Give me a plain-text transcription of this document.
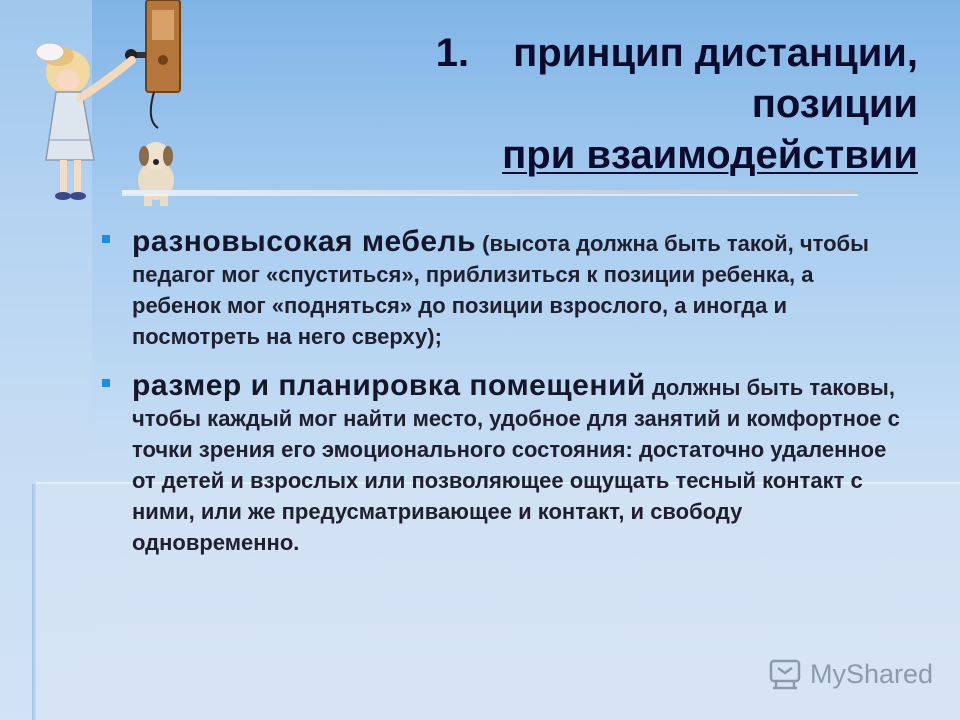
1. принцип дистанции,
позиции
при взаимодействии
разновысокая мебель (высота должна быть такой, чтобы педагог мог «спуститься», приблизиться к позиции ребенка, а ребенок мог «подняться» до позиции взрослого, а иногда и посмотреть на него сверху);
размер и планировка помещений должны быть таковы, чтобы каждый мог найти место, удобное для занятий и комфортное с точки зрения его эмоционального состояния: достаточно удаленное от детей и взрослых или позволяющее ощущать тесный контакт с ними, или же предусматривающее и контакт, и свободу одновременно.
MyShared
